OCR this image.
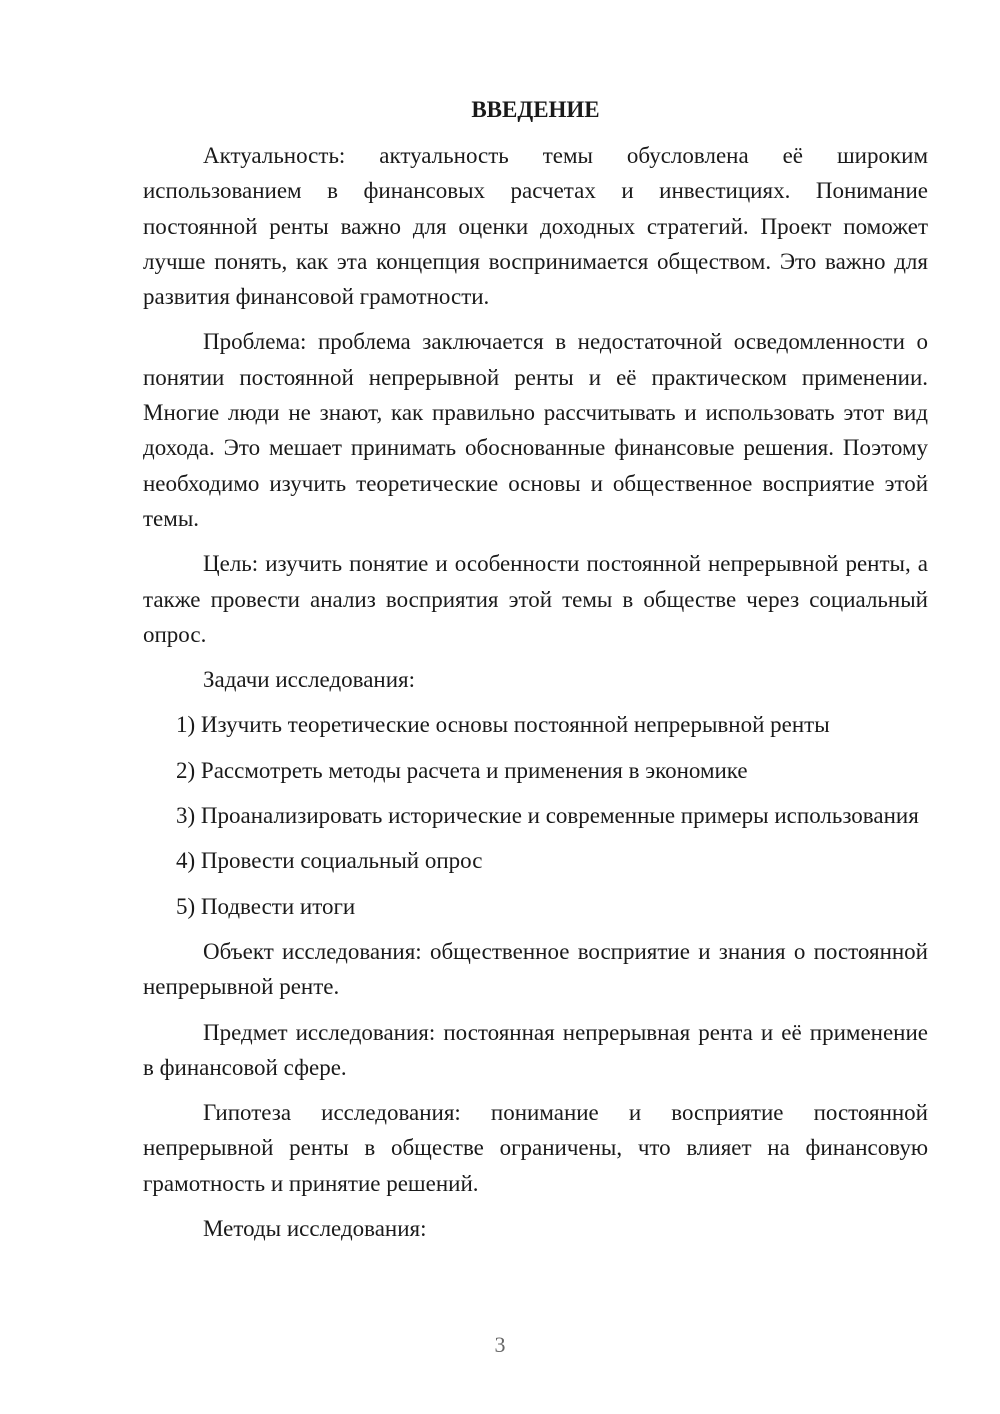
ВВЕДЕНИЕ

Актуальность: актуальность темы обусловлена её широким использованием в финансовых расчетах и инвестициях. Понимание постоянной ренты важно для оценки доходных стратегий. Проект поможет лучше понять, как эта концепция воспринимается обществом. Это важно для развития финансовой грамотности.

Проблема: проблема заключается в недостаточной осведомленности о понятии постоянной непрерывной ренты и её практическом применении. Многие люди не знают, как правильно рассчитывать и использовать этот вид дохода. Это мешает принимать обоснованные финансовые решения. Поэтому необходимо изучить теоретические основы и общественное восприятие этой темы.

Цель: изучить понятие и особенности постоянной непрерывной ренты, а также провести анализ восприятия этой темы в обществе через социальный опрос.

Задачи исследования:

1) Изучить теоретические основы постоянной непрерывной ренты

2) Рассмотреть методы расчета и применения в экономике

3) Проанализировать исторические и современные примеры использования

4) Провести социальный опрос

5) Подвести итоги

Объект исследования: общественное восприятие и знания о постоянной непрерывной ренте.

Предмет исследования: постоянная непрерывная рента и её применение в финансовой сфере.

Гипотеза исследования: понимание и восприятие постоянной непрерывной ренты в обществе ограничены, что влияет на финансовую грамотность и принятие решений.

Методы исследования:

3
